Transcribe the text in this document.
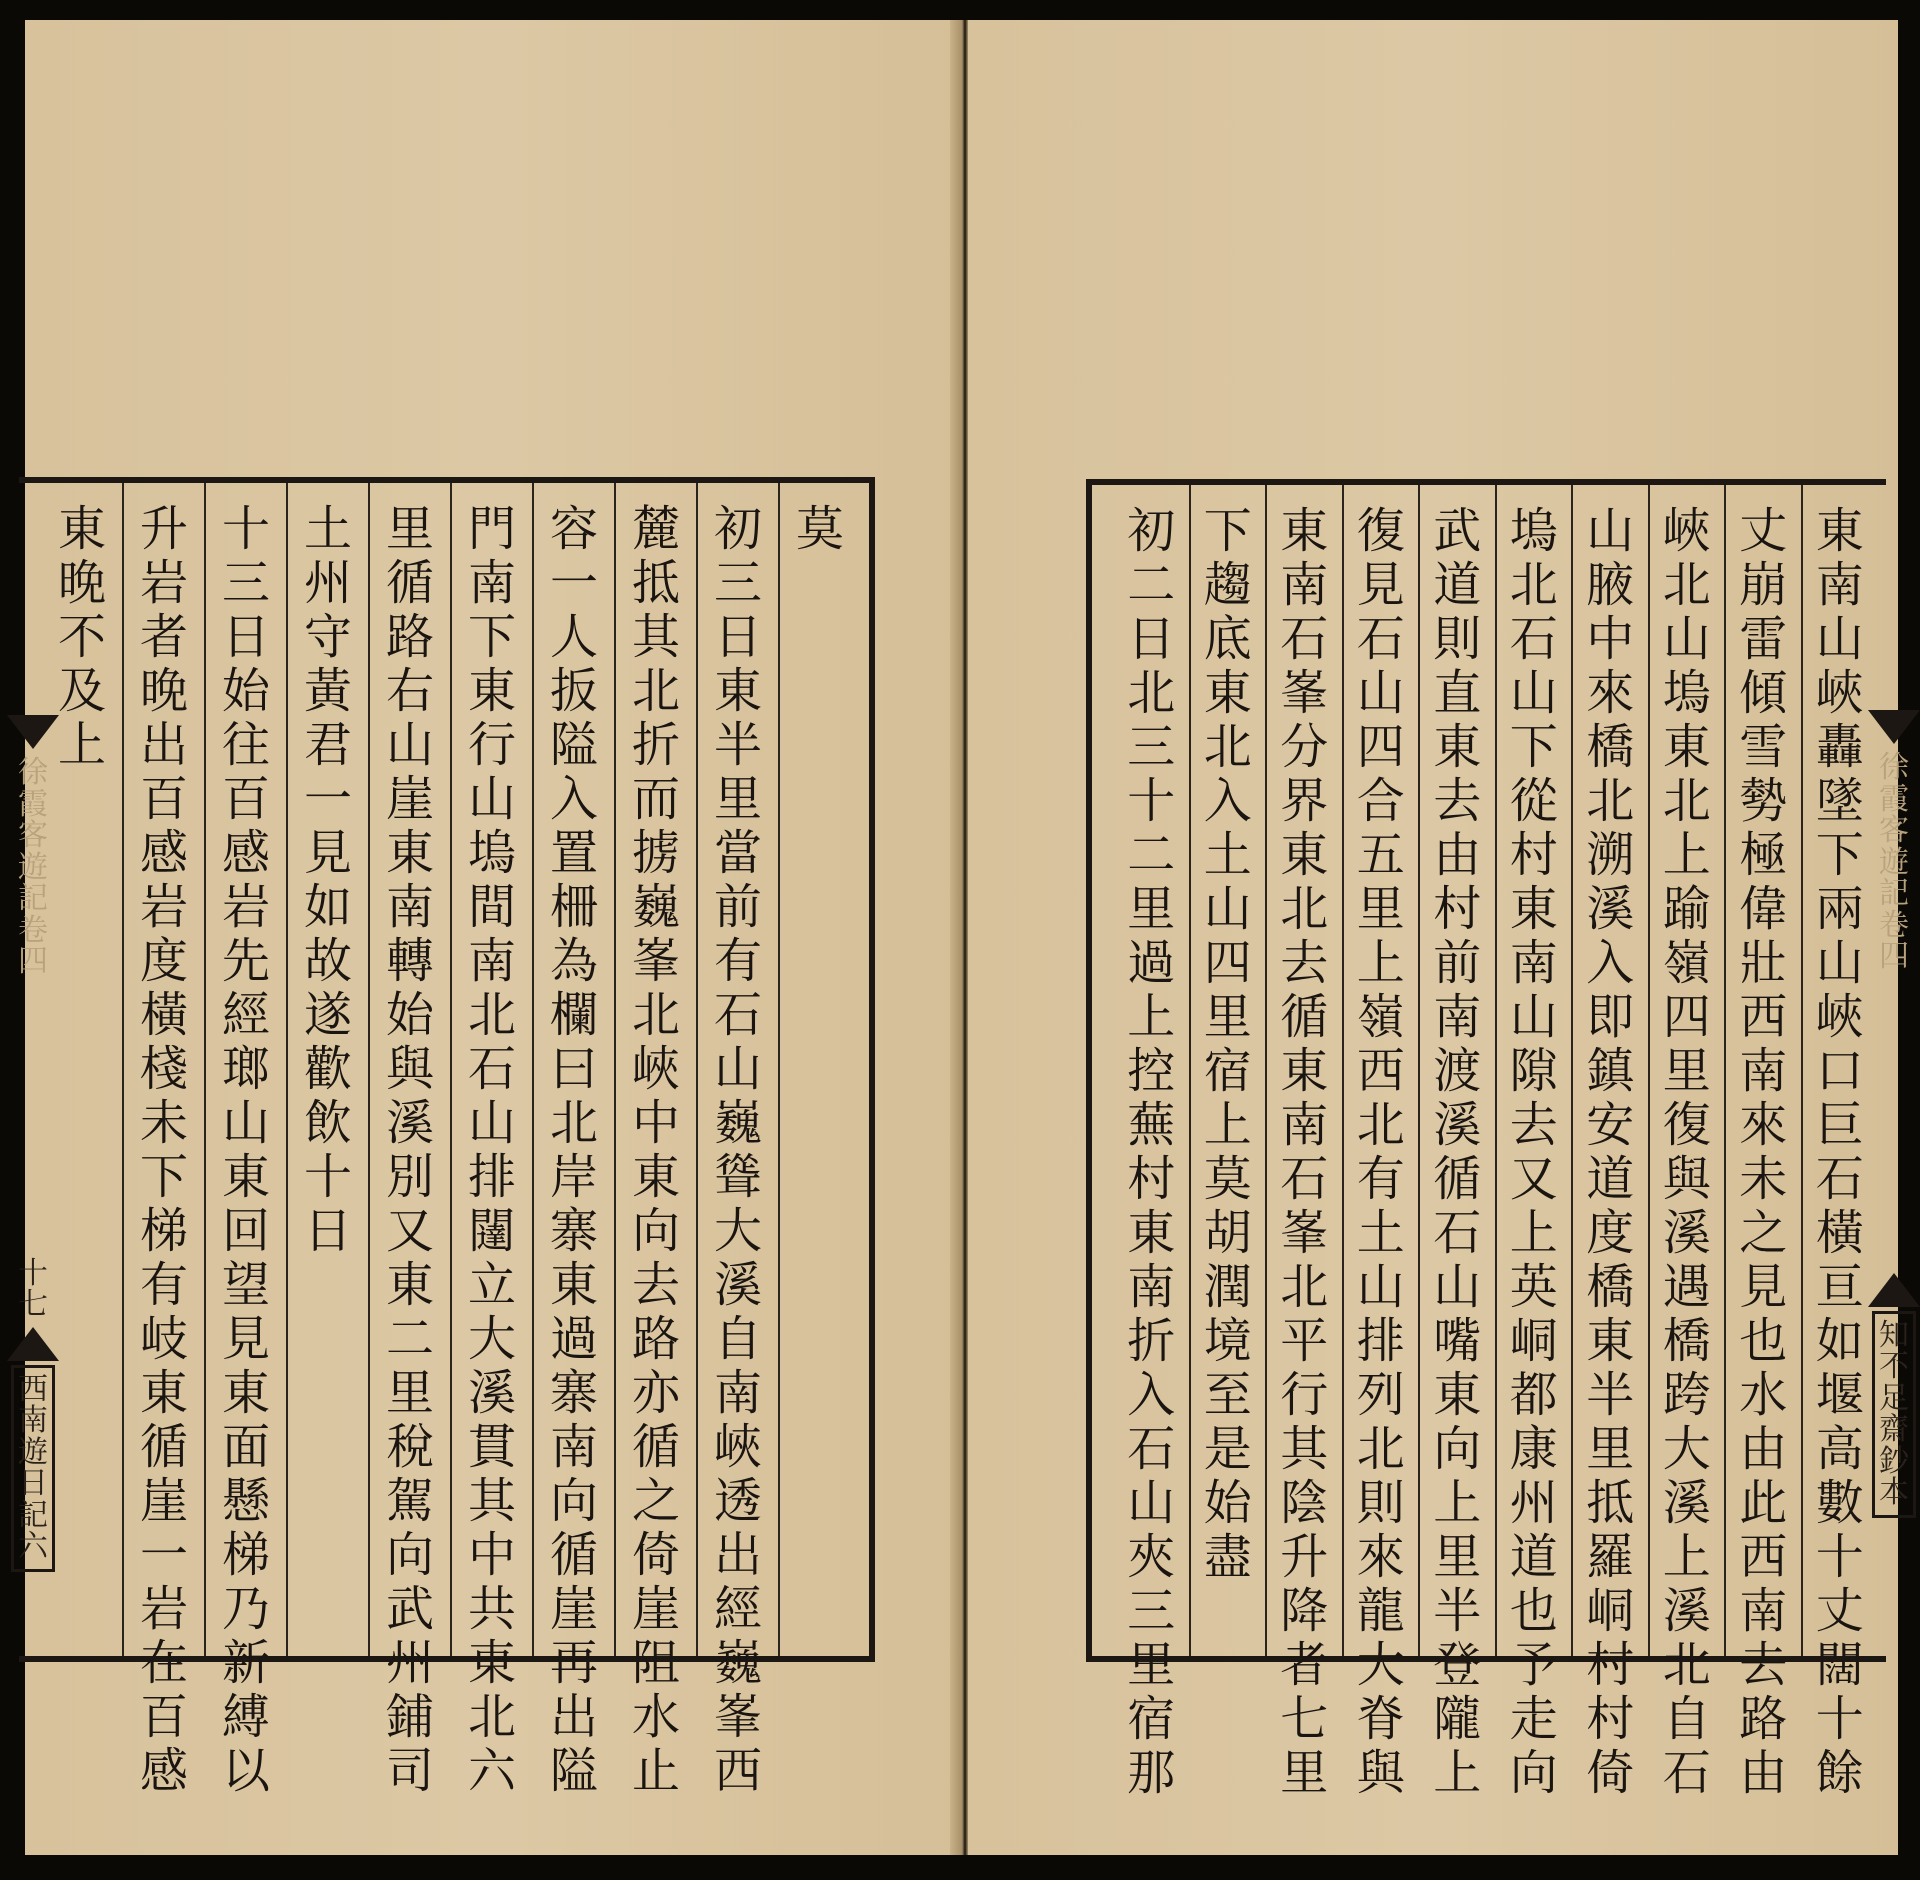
莫
初
三
日
東
半
里
當
前
有
石
山
巍
聳
大
溪
自
南
峽
透
出
經
巍
峯
西
麓
抵
其
北
折
而
掳
巍
峯
北
峽
中
東
向
去
路
亦
循
之
倚
崖
阻
水
止
容
一
人
扳
隘
入
置
柵
為
欄
曰
北
岸
寨
東
過
寨
南
向
循
崖
再
出
隘
門
南
下
東
行
山
塢
間
南
北
石
山
排
闥
立
大
溪
貫
其
中
共
東
北
六
里
循
路
右
山
崖
東
南
轉
始
與
溪
別
又
東
二
里
稅
駕
向
武
州
鋪
司
土
州
守
黃
君
一
見
如
故
遂
歡
飲
十
日
十
三
日
始
往
百
感
岩
先
經
瑯
山
東
回
望
見
東
面
懸
梯
乃
新
縛
以
升
岩
者
晚
出
百
感
岩
度
橫
棧
未
下
梯
有
岐
東
循
崖
一
岩
在
百
感
東
晚
不
及
上
徐
霞
客
遊
記
卷
四
十
七
西
南
遊
日
記
六
東
南
山
峽
轟
墜
下
兩
山
峽
口
巨
石
橫
亘
如
堰
高
數
十
丈
闊
十
餘
丈
崩
雷
傾
雪
勢
極
偉
壯
西
南
來
未
之
見
也
水
由
此
西
南
去
路
由
峽
北
山
塢
東
北
上
踰
嶺
四
里
復
與
溪
遇
橋
跨
大
溪
上
溪
北
自
石
山
腋
中
來
橋
北
溯
溪
入
即
鎮
安
道
度
橋
東
半
里
抵
羅
峒
村
村
倚
塢
北
石
山
下
從
村
東
南
山
隙
去
又
上
英
峒
都
康
州
道
也
予
走
向
武
道
則
直
東
去
由
村
前
南
渡
溪
循
石
山
嘴
東
向
上
里
半
登
隴
上
復
見
石
山
四
合
五
里
上
嶺
西
北
有
土
山
排
列
北
則
來
龍
大
脊
與
東
南
石
峯
分
界
東
北
去
循
東
南
石
峯
北
平
行
其
陰
升
降
者
七
里
下
趨
底
東
北
入
土
山
四
里
宿
上
莫
胡
潤
境
至
是
始
盡
初
二
日
北
三
十
二
里
過
上
控
蕪
村
東
南
折
入
石
山
夾
三
里
宿
那
徐
霞
客
遊
記
卷
四
知
不
足
齋
鈔
本
